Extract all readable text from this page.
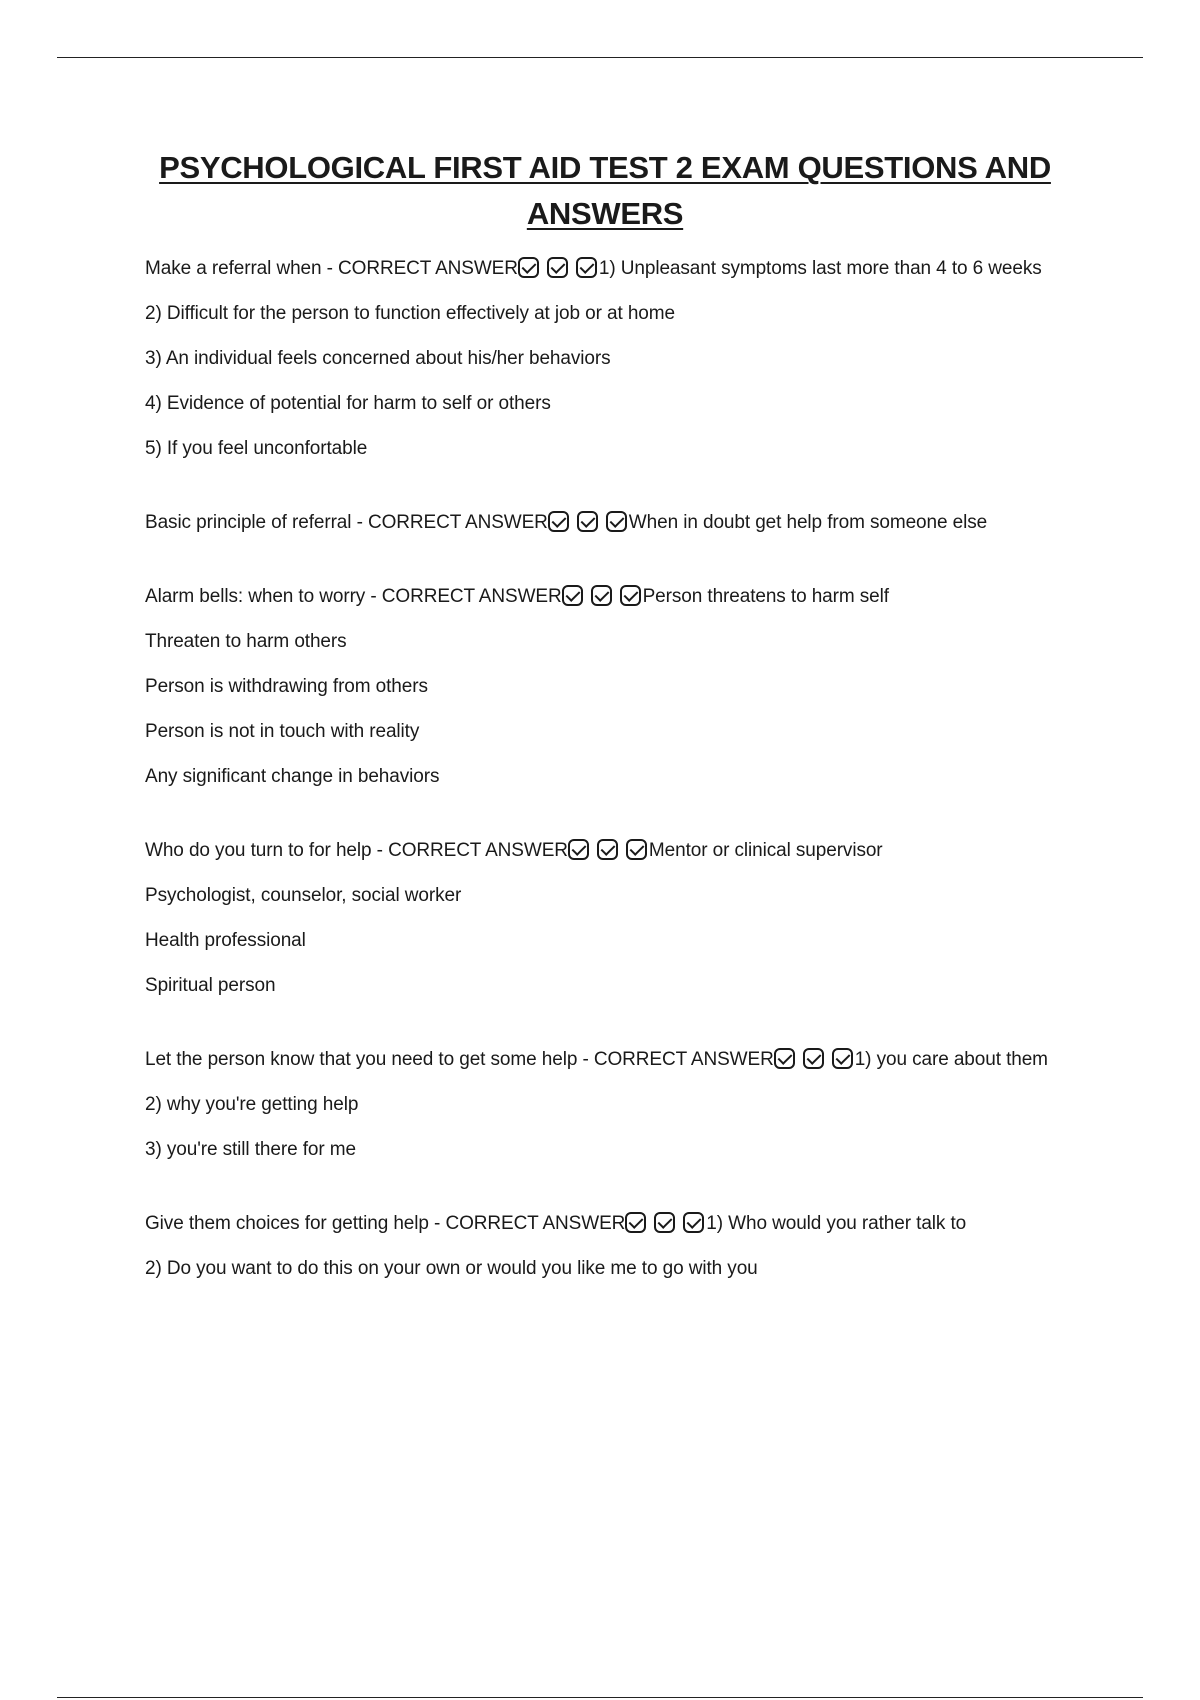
PSYCHOLOGICAL FIRST AID TEST 2 EXAM QUESTIONS AND ANSWERS
Make a referral when - CORRECT ANSWER	1) Unpleasant symptoms last more than 4 to 6 weeks
2) Difficult for the person to function effectively at job or at home
3) An individual feels concerned about his/her behaviors
4) Evidence of potential for harm to self or others
5) If you feel unconfortable
Basic principle of referral - CORRECT ANSWER	When in doubt get help from someone else
Alarm bells: when to worry - CORRECT ANSWER	Person threatens to harm self
Threaten to harm others
Person is withdrawing from others
Person is not in touch with reality
Any significant change in behaviors
Who do you turn to for help - CORRECT ANSWER	Mentor or clinical supervisor
Psychologist, counselor, social worker
Health professional
Spiritual person
Let the person know that you need to get some help - CORRECT ANSWER	1) you care about them
2) why you're getting help
3) you're still there for me
Give them choices for getting help - CORRECT ANSWER	1) Who would you rather talk to
2) Do you want to do this on your own or would you like me to go with you
